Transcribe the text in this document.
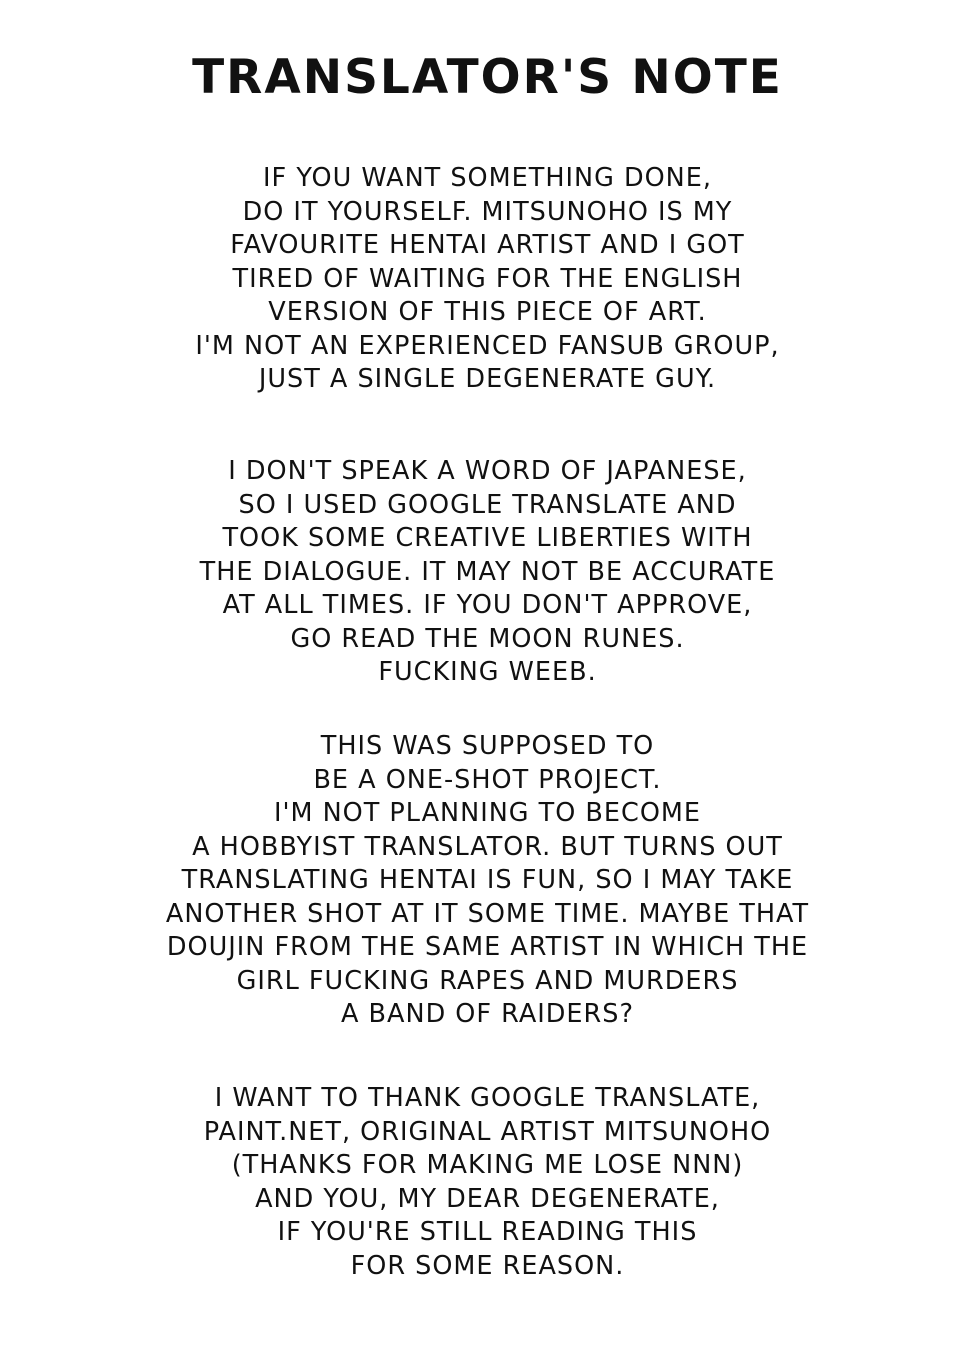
TRANSLATOR'S NOTE
IF YOU WANT SOMETHING DONE,
DO IT YOURSELF. MITSUNOHO IS MY
FAVOURITE HENTAI ARTIST AND I GOT
TIRED OF WAITING FOR THE ENGLISH
VERSION OF THIS PIECE OF ART.
I'M NOT AN EXPERIENCED FANSUB GROUP,
JUST A SINGLE DEGENERATE GUY.
I DON'T SPEAK A WORD OF JAPANESE,
SO I USED GOOGLE TRANSLATE AND
TOOK SOME CREATIVE LIBERTIES WITH
THE DIALOGUE. IT MAY NOT BE ACCURATE
AT ALL TIMES. IF YOU DON'T APPROVE,
GO READ THE MOON RUNES.
FUCKING WEEB.
THIS WAS SUPPOSED TO
BE A ONE-SHOT PROJECT.
I'M NOT PLANNING TO BECOME
A HOBBYIST TRANSLATOR. BUT TURNS OUT
TRANSLATING HENTAI IS FUN, SO I MAY TAKE
ANOTHER SHOT AT IT SOME TIME. MAYBE THAT
DOUJIN FROM THE SAME ARTIST IN WHICH THE
GIRL FUCKING RAPES AND MURDERS
A BAND OF RAIDERS?
I WANT TO THANK GOOGLE TRANSLATE,
PAINT.NET, ORIGINAL ARTIST MITSUNOHO
(THANKS FOR MAKING ME LOSE NNN)
AND YOU, MY DEAR DEGENERATE,
IF YOU'RE STILL READING THIS
FOR SOME REASON.
